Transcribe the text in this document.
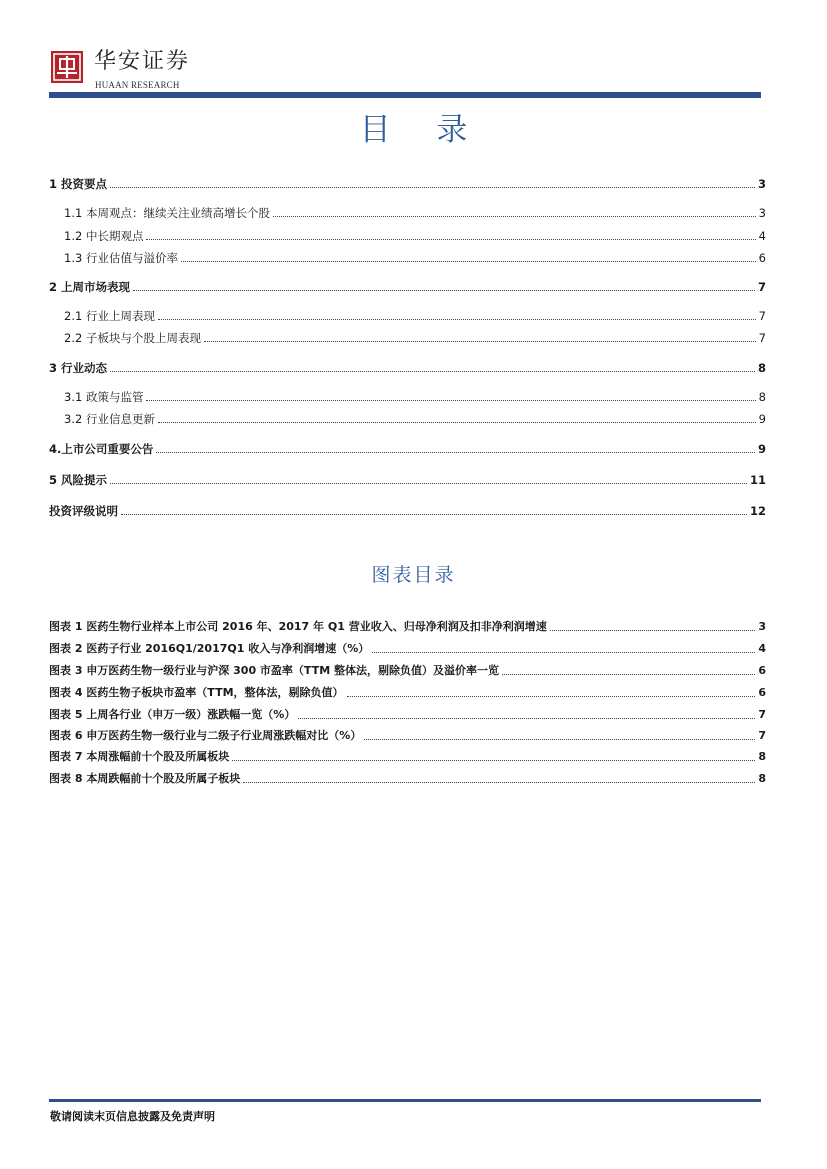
华安证券
HUAAN RESEARCH
目 录
1 投资要点	3
1.1 本周观点：继续关注业绩高增长个股	3
1.2 中长期观点	4
1.3 行业估值与溢价率	6
2 上周市场表现	7
2.1 行业上周表现	7
2.2 子板块与个股上周表现	7
3 行业动态	8
3.1 政策与监管	8
3.2 行业信息更新	9
4.上市公司重要公告	9
5 风险提示	11
投资评级说明	12
图表目录
图表 1 医药生物行业样本上市公司 2016 年、2017 年 Q1 营业收入、归母净利润及扣非净利润增速	3
图表 2 医药子行业 2016Q1/2017Q1 收入与净利润增速（%）	4
图表 3 申万医药生物一级行业与沪深 300 市盈率（TTM 整体法，剔除负值）及溢价率一览	6
图表 4 医药生物子板块市盈率（TTM，整体法，剔除负值）	6
图表 5 上周各行业（申万一级）涨跌幅一览（%）	7
图表 6 申万医药生物一级行业与二级子行业周涨跌幅对比（%）	7
图表 7 本周涨幅前十个股及所属板块	8
图表 8 本周跌幅前十个股及所属子板块	8
敬请阅读末页信息披露及免责声明
